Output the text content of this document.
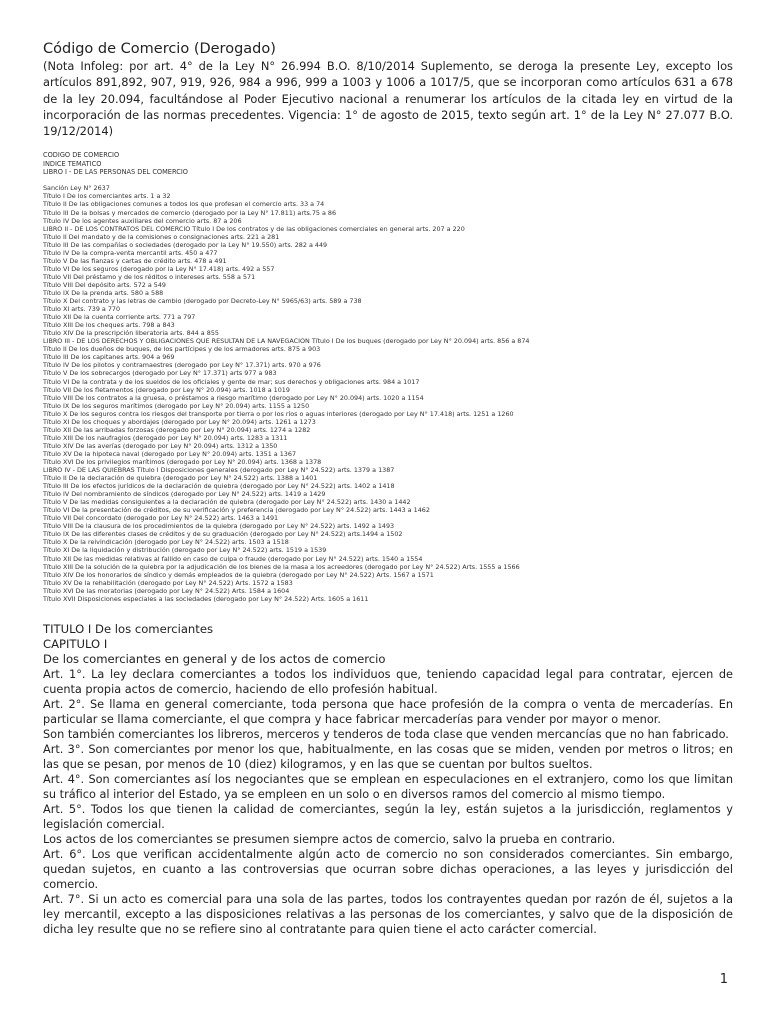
Código de Comercio (Derogado)

(Nota Infoleg: por art. 4° de la Ley N° 26.994 B.O. 8/10/2014 Suplemento, se deroga la presente Ley, excepto los artículos 891,892, 907, 919, 926, 984 a 996, 999 a 1003 y 1006 a 1017/5, que se incorporan como artículos 631 a 678 de la ley 20.094, facultándose al Poder Ejecutivo nacional a renumerar los artículos de la citada ley en virtud de la incorporación de las normas precedentes. Vigencia: 1° de agosto de 2015, texto según art. 1° de la Ley N° 27.077 B.O. 19/12/2014)

CODIGO DE COMERCIO
INDICE TEMATICO
LIBRO I - DE LAS PERSONAS DEL COMERCIO
Sanción Ley N° 2637
Título I De los comerciantes arts. 1 a 32
Título II De las obligaciones comunes a todos los que profesan el comercio arts. 33 a 74
Título III De la bolsas y mercados de comercio (derogado por la Ley N° 17.811) arts.75 a 86
Título IV De los agentes auxiliares del comercio arts. 87 a 206
LIBRO II - DE LOS CONTRATOS DEL COMERCIO Título I De los contratos y de las obligaciones comerciales en general arts. 207 a 220
Título II Del mandato y de la comisiones o consignaciones arts. 221 a 281
Título III De las compañías o sociedades (derogado por la Ley N° 19.550) arts. 282 a 449
Título IV De la compra-venta mercantil arts. 450 a 477
Título V De las fianzas y cartas de crédito arts. 478 a 491
Título VI De los seguros (derogado por la Ley N° 17.418) arts. 492 a 557
Título VII Del préstamo y de los réditos o intereses arts. 558 a 571
Título VIII Del depósito arts. 572 a 549
Título IX De la prenda arts. 580 a 588
Título X Del contrato y las letras de cambio (derogado por Decreto-Ley N° 5965/63) arts. 589 a 738
Título XI arts. 739 a 770
Título XII De la cuenta corriente arts. 771 a 797
Título XIII De los cheques arts. 798 a 843
Título XIV De la prescripción liberatoria arts. 844 a 855
LIBRO III - DE LOS DERECHOS Y OBLIGACIONES QUE RESULTAN DE LA NAVEGACION Título I De los buques (derogado por Ley N° 20.094) arts. 856 a 874
Título II De los dueños de buques, de los partícipes y de los armadores arts. 875 a 903
Título III De los capitanes arts. 904 a 969
Título IV De los pilotos y contramaestres (derogado por Ley N° 17.371) arts. 970 a 976
Título V De los sobrecargos (derogado por Ley N° 17.371) arts 977 a 983
Título VI De la contrata y de los sueldos de los oficiales y gente de mar; sus derechos y obligaciones arts. 984 a 1017
Título VII De los fletamentos (derogado por Ley N° 20.094) arts. 1018 a 1019
Título VIII De los contratos a la gruesa, o préstamos a riesgo marítimo (derogado por Ley N° 20.094) arts. 1020 a 1154
Título IX De los seguros marítimos (derogado por Ley N° 20.094) arts. 1155 a 1250
Título X De los seguros contra los riesgos del transporte por tierra o por los ríos o aguas interiores (derogado por Ley N° 17.418) arts. 1251 a 1260
Título XI De los choques y abordajes (derogado por Ley N° 20.094) arts. 1261 a 1273
Título XII De las arribadas forzosas (derogado por Ley N° 20.094) arts. 1274 a 1282
Título XIII De los naufragios (derogado por Ley N° 20.094) arts. 1283 a 1311
Título XIV De las averías (derogado por Ley N° 20.094) arts. 1312 a 1350
Título XV De la hipoteca naval (derogado por Ley N° 20.094) arts. 1351 a 1367
Título XVI De los privilegios marítimos (derogado por Ley N° 20.094) arts. 1368 a 1378
LIBRO IV - DE LAS QUIEBRAS Título I Disposiciones generales (derogado por Ley N° 24.522) arts. 1379 a 1387
Título II De la declaración de quiebra (derogado por Ley N° 24.522) arts. 1388 a 1401
Título III De los efectos jurídicos de la declaración de quiebra (derogado por Ley N° 24.522) arts. 1402 a 1418
Título IV Del nombramiento de síndicos (derogado por Ley N° 24.522) arts. 1419 a 1429
Título V De las medidas consiguientes a la declaración de quiebra (derogado por Ley N° 24.522) arts. 1430 a 1442
Título VI De la presentación de créditos, de su verificación y preferencia (derogado por Ley N° 24.522) arts. 1443 a 1462
Título VII Del concordato (derogado por Ley N° 24.522) arts. 1463 a 1491
Título VIII De la clausura de los procedimientos de la quiebra (derogado por Ley N° 24.522) arts. 1492 a 1493
Título IX De las diferentes clases de créditos y de su graduación (derogado por Ley N° 24.522) arts.1494 a 1502
Título X De la reivindicación (derogado por Ley N° 24.522) arts. 1503 a 1518
Título XI De la liquidación y distribución (derogado por Ley N° 24.522) arts. 1519 a 1539
Título XII De las medidas relativas al fallido en caso de culpa o fraude (derogado por Ley N° 24.522) arts. 1540 a 1554
Título XIII De la solución de la quiebra por la adjudicación de los bienes de la masa a los acreedores (derogado por Ley N° 24.522) Arts. 1555 a 1566
Título XIV De los honorarios de síndico y demás empleados de la quiebra (derogado por Ley N° 24.522) Arts. 1567 a 1571
Título XV De la rehabilitación (derogado por Ley N° 24.522) Arts. 1572 a 1583
Título XVI De las moratorias (derogado por Ley N° 24.522) Arts. 1584 a 1604
Título XVII Disposiciones especiales a las sociedades (derogado por Ley N° 24.522) Arts. 1605 a 1611
TITULO I De los comerciantes
CAPITULO I
De los comerciantes en general y de los actos de comercio
Art. 1°. La ley declara comerciantes a todos los individuos que, teniendo capacidad legal para contratar, ejercen de cuenta propia actos de comercio, haciendo de ello profesión habitual.
Art. 2°. Se llama en general comerciante, toda persona que hace profesión de la compra o venta de mercaderías. En particular se llama comerciante, el que compra y hace fabricar mercaderías para vender por mayor o menor.
Son también comerciantes los libreros, merceros y tenderos de toda clase que venden mercancías que no han fabricado.
Art. 3°. Son comerciantes por menor los que, habitualmente, en las cosas que se miden, venden por metros o litros; en las que se pesan, por menos de 10 (diez) kilogramos, y en las que se cuentan por bultos sueltos.
Art. 4°. Son comerciantes así los negociantes que se emplean en especulaciones en el extranjero, como los que limitan su tráfico al interior del Estado, ya se empleen en un solo o en diversos ramos del comercio al mismo tiempo.
Art. 5°. Todos los que tienen la calidad de comerciantes, según la ley, están sujetos a la jurisdicción, reglamentos y legislación comercial.
Los actos de los comerciantes se presumen siempre actos de comercio, salvo la prueba en contrario.
Art. 6°. Los que verifican accidentalmente algún acto de comercio no son considerados comerciantes. Sin embargo, quedan sujetos, en cuanto a las controversias que ocurran sobre dichas operaciones, a las leyes y jurisdicción del comercio.
Art. 7°. Si un acto es comercial para una sola de las partes, todos los contrayentes quedan por razón de él, sujetos a la ley mercantil, excepto a las disposiciones relativas a las personas de los comerciantes, y salvo que de la disposición de dicha ley resulte que no se refiere sino al contratante para quien tiene el acto carácter comercial.
1
